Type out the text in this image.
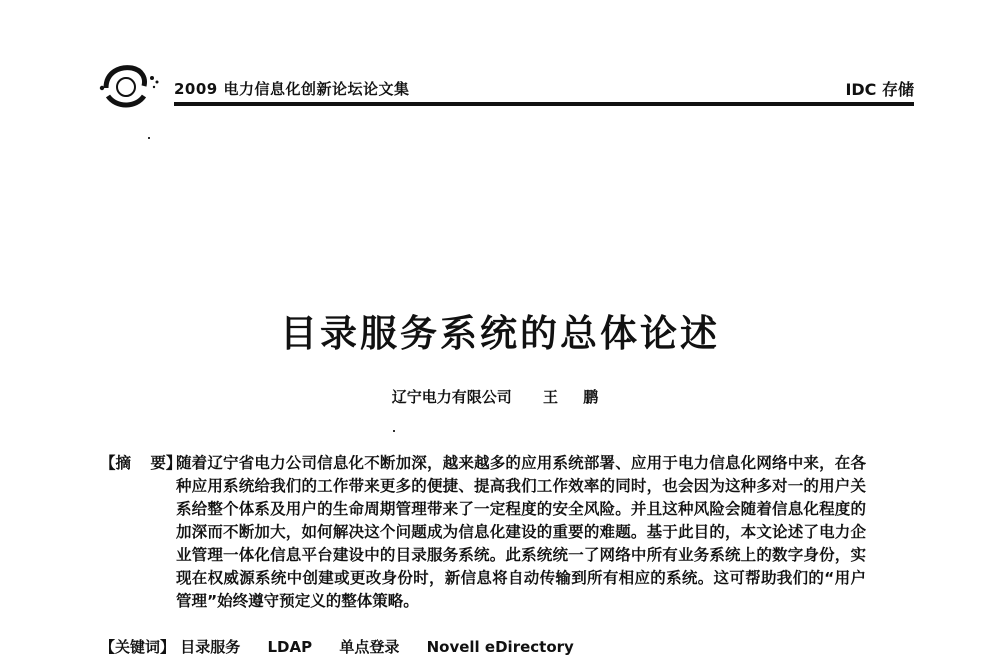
2009 电力信息化创新论坛论文集	IDC 存储
目录服务系统的总体论述
辽宁电力有限公司 王 鹏
【摘 要】

随着辽宁省电力公司信息化不断加深，越来越多的应用系统部署、应用于电力信息化网络中来，在各种应用系统给我们的工作带来更多的便捷、提高我们工作效率的同时，也会因为这种多对一的用户关系给整个体系及用户的生命周期管理带来了一定程度的安全风险。并且这种风险会随着信息化程度的加深而不断加大，如何解决这个问题成为信息化建设的重要的难题。基于此目的，本文论述了电力企业管理一体化信息平台建设中的目录服务系统。此系统统一了网络中所有业务系统上的数字身份，实现在权威源系统中创建或更改身份时，新信息将自动传输到所有相应的系统。这可帮助我们的“用户管理”始终遵守预定义的整体策略。

【关键词】 目录服务 LDAP 单点登录 Novell eDirectory
